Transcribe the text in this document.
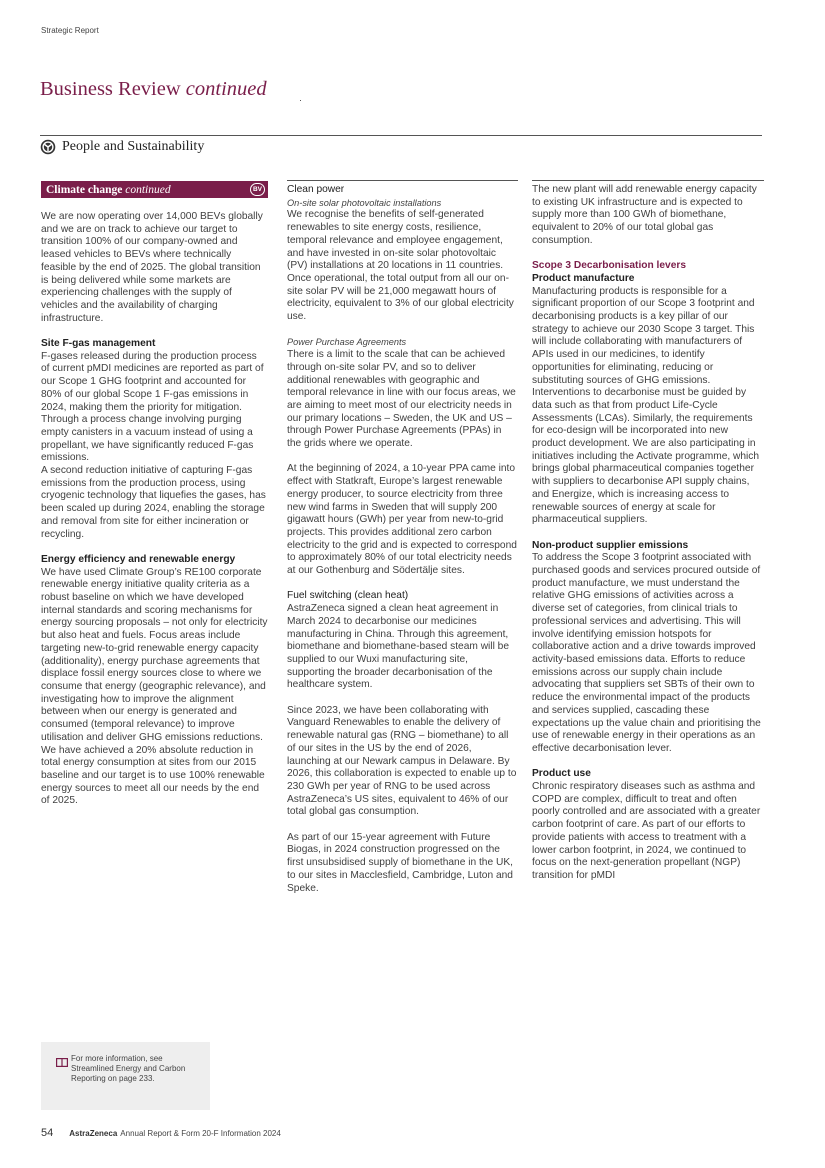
Strategic Report
Business Review continued
People and Sustainability
Climate change continued	BV

We are now operating over 14,000 BEVs globally and we are on track to achieve our target to transition 100% of our company-owned and leased vehicles to BEVs where technically feasible by the end of 2025. The global transition is being delivered while some markets are experiencing challenges with the supply of vehicles and the availability of charging infrastructure.

Site F-gas management

F-gases released during the production process of current pMDI medicines are reported as part of our Scope 1 GHG footprint and accounted for 80% of our global Scope 1 F-gas emissions in 2024, making them the priority for mitigation. Through a process change involving purging empty canisters in a vacuum instead of using a propellant, we have significantly reduced F-gas emissions.

A second reduction initiative of capturing F-gas emissions from the production process, using cryogenic technology that liquefies the gases, has been scaled up during 2024, enabling the storage and removal from site for either incineration or recycling.

Energy efficiency and renewable energy

We have used Climate Group’s RE100 corporate renewable energy initiative quality criteria as a robust baseline on which we have developed internal standards and scoring mechanisms for energy sourcing proposals – not only for electricity but also heat and fuels. Focus areas include targeting new-to-grid renewable energy capacity (additionality), energy purchase agreements that displace fossil energy sources close to where we consume that energy (geographic relevance), and investigating how to improve the alignment between when our energy is generated and consumed (temporal relevance) to improve utilisation and deliver GHG emissions reductions. We have achieved a 20% absolute reduction in total energy consumption at sites from our 2015 baseline and our target is to use 100% renewable energy sources to meet all our needs by the end of 2025.

Clean power
On-site solar photovoltaic installations

We recognise the benefits of self-generated renewables to site energy costs, resilience, temporal relevance and employee engagement, and have invested in on-site solar photovoltaic (PV) installations at 20 locations in 11 countries. Once operational, the total output from all our on-site solar PV will be 21,000 megawatt hours of electricity, equivalent to 3% of our global electricity use.

Power Purchase Agreements

There is a limit to the scale that can be achieved through on-site solar PV, and so to deliver additional renewables with geographic and temporal relevance in line with our focus areas, we are aiming to meet most of our electricity needs in our primary locations – Sweden, the UK and US – through Power Purchase Agreements (PPAs) in the grids where we operate.

At the beginning of 2024, a 10-year PPA came into effect with Statkraft, Europe’s largest renewable energy producer, to source electricity from three new wind farms in Sweden that will supply 200 gigawatt hours (GWh) per year from new-to-grid projects. This provides additional zero carbon electricity to the grid and is expected to correspond to approximately 80% of our total electricity needs at our Gothenburg and Södertälje sites.

Fuel switching (clean heat)

AstraZeneca signed a clean heat agreement in March 2024 to decarbonise our medicines manufacturing in China. Through this agreement, biomethane and biomethane-based steam will be supplied to our Wuxi manufacturing site, supporting the broader decarbonisation of the healthcare system.

Since 2023, we have been collaborating with Vanguard Renewables to enable the delivery of renewable natural gas (RNG – biomethane) to all of our sites in the US by the end of 2026, launching at our Newark campus in Delaware. By 2026, this collaboration is expected to enable up to 230 GWh per year of RNG to be used across AstraZeneca’s US sites, equivalent to 46% of our total global gas consumption.

As part of our 15-year agreement with Future Biogas, in 2024 construction progressed on the first unsubsidised supply of biomethane in the UK, to our sites in Macclesfield, Cambridge, Luton and Speke.

The new plant will add renewable energy capacity to existing UK infrastructure and is expected to supply more than 100 GWh of biomethane, equivalent to 20% of our total global gas consumption.

Scope 3 Decarbonisation levers
Product manufacture

Manufacturing products is responsible for a significant proportion of our Scope 3 footprint and decarbonising products is a key pillar of our strategy to achieve our 2030 Scope 3 target. This will include collaborating with manufacturers of APIs used in our medicines, to identify opportunities for eliminating, reducing or substituting sources of GHG emissions. Interventions to decarbonise must be guided by data such as that from product Life-Cycle Assessments (LCAs). Similarly, the requirements for eco-design will be incorporated into new product development. We are also participating in initiatives including the Activate programme, which brings global pharmaceutical companies together with suppliers to decarbonise API supply chains, and Energize, which is increasing access to renewable sources of energy at scale for pharmaceutical suppliers.

Non-product supplier emissions

To address the Scope 3 footprint associated with purchased goods and services procured outside of product manufacture, we must understand the relative GHG emissions of activities across a diverse set of categories, from clinical trials to professional services and advertising. This will involve identifying emission hotspots for collaborative action and a drive towards improved activity-based emissions data. Efforts to reduce emissions across our supply chain include advocating that suppliers set SBTs of their own to reduce the environmental impact of the products and services supplied, cascading these expectations up the value chain and prioritising the use of renewable energy in their operations as an effective decarbonisation lever.

Product use

Chronic respiratory diseases such as asthma and COPD are complex, difficult to treat and often poorly controlled and are associated with a greater carbon footprint of care. As part of our efforts to provide patients with access to treatment with a lower carbon footprint, in 2024, we continued to focus on the next-generation propellant (NGP) transition for pMDI

For more information, see Streamlined Energy and Carbon Reporting on page 233.
54 AstraZeneca Annual Report & Form 20-F Information 2024
